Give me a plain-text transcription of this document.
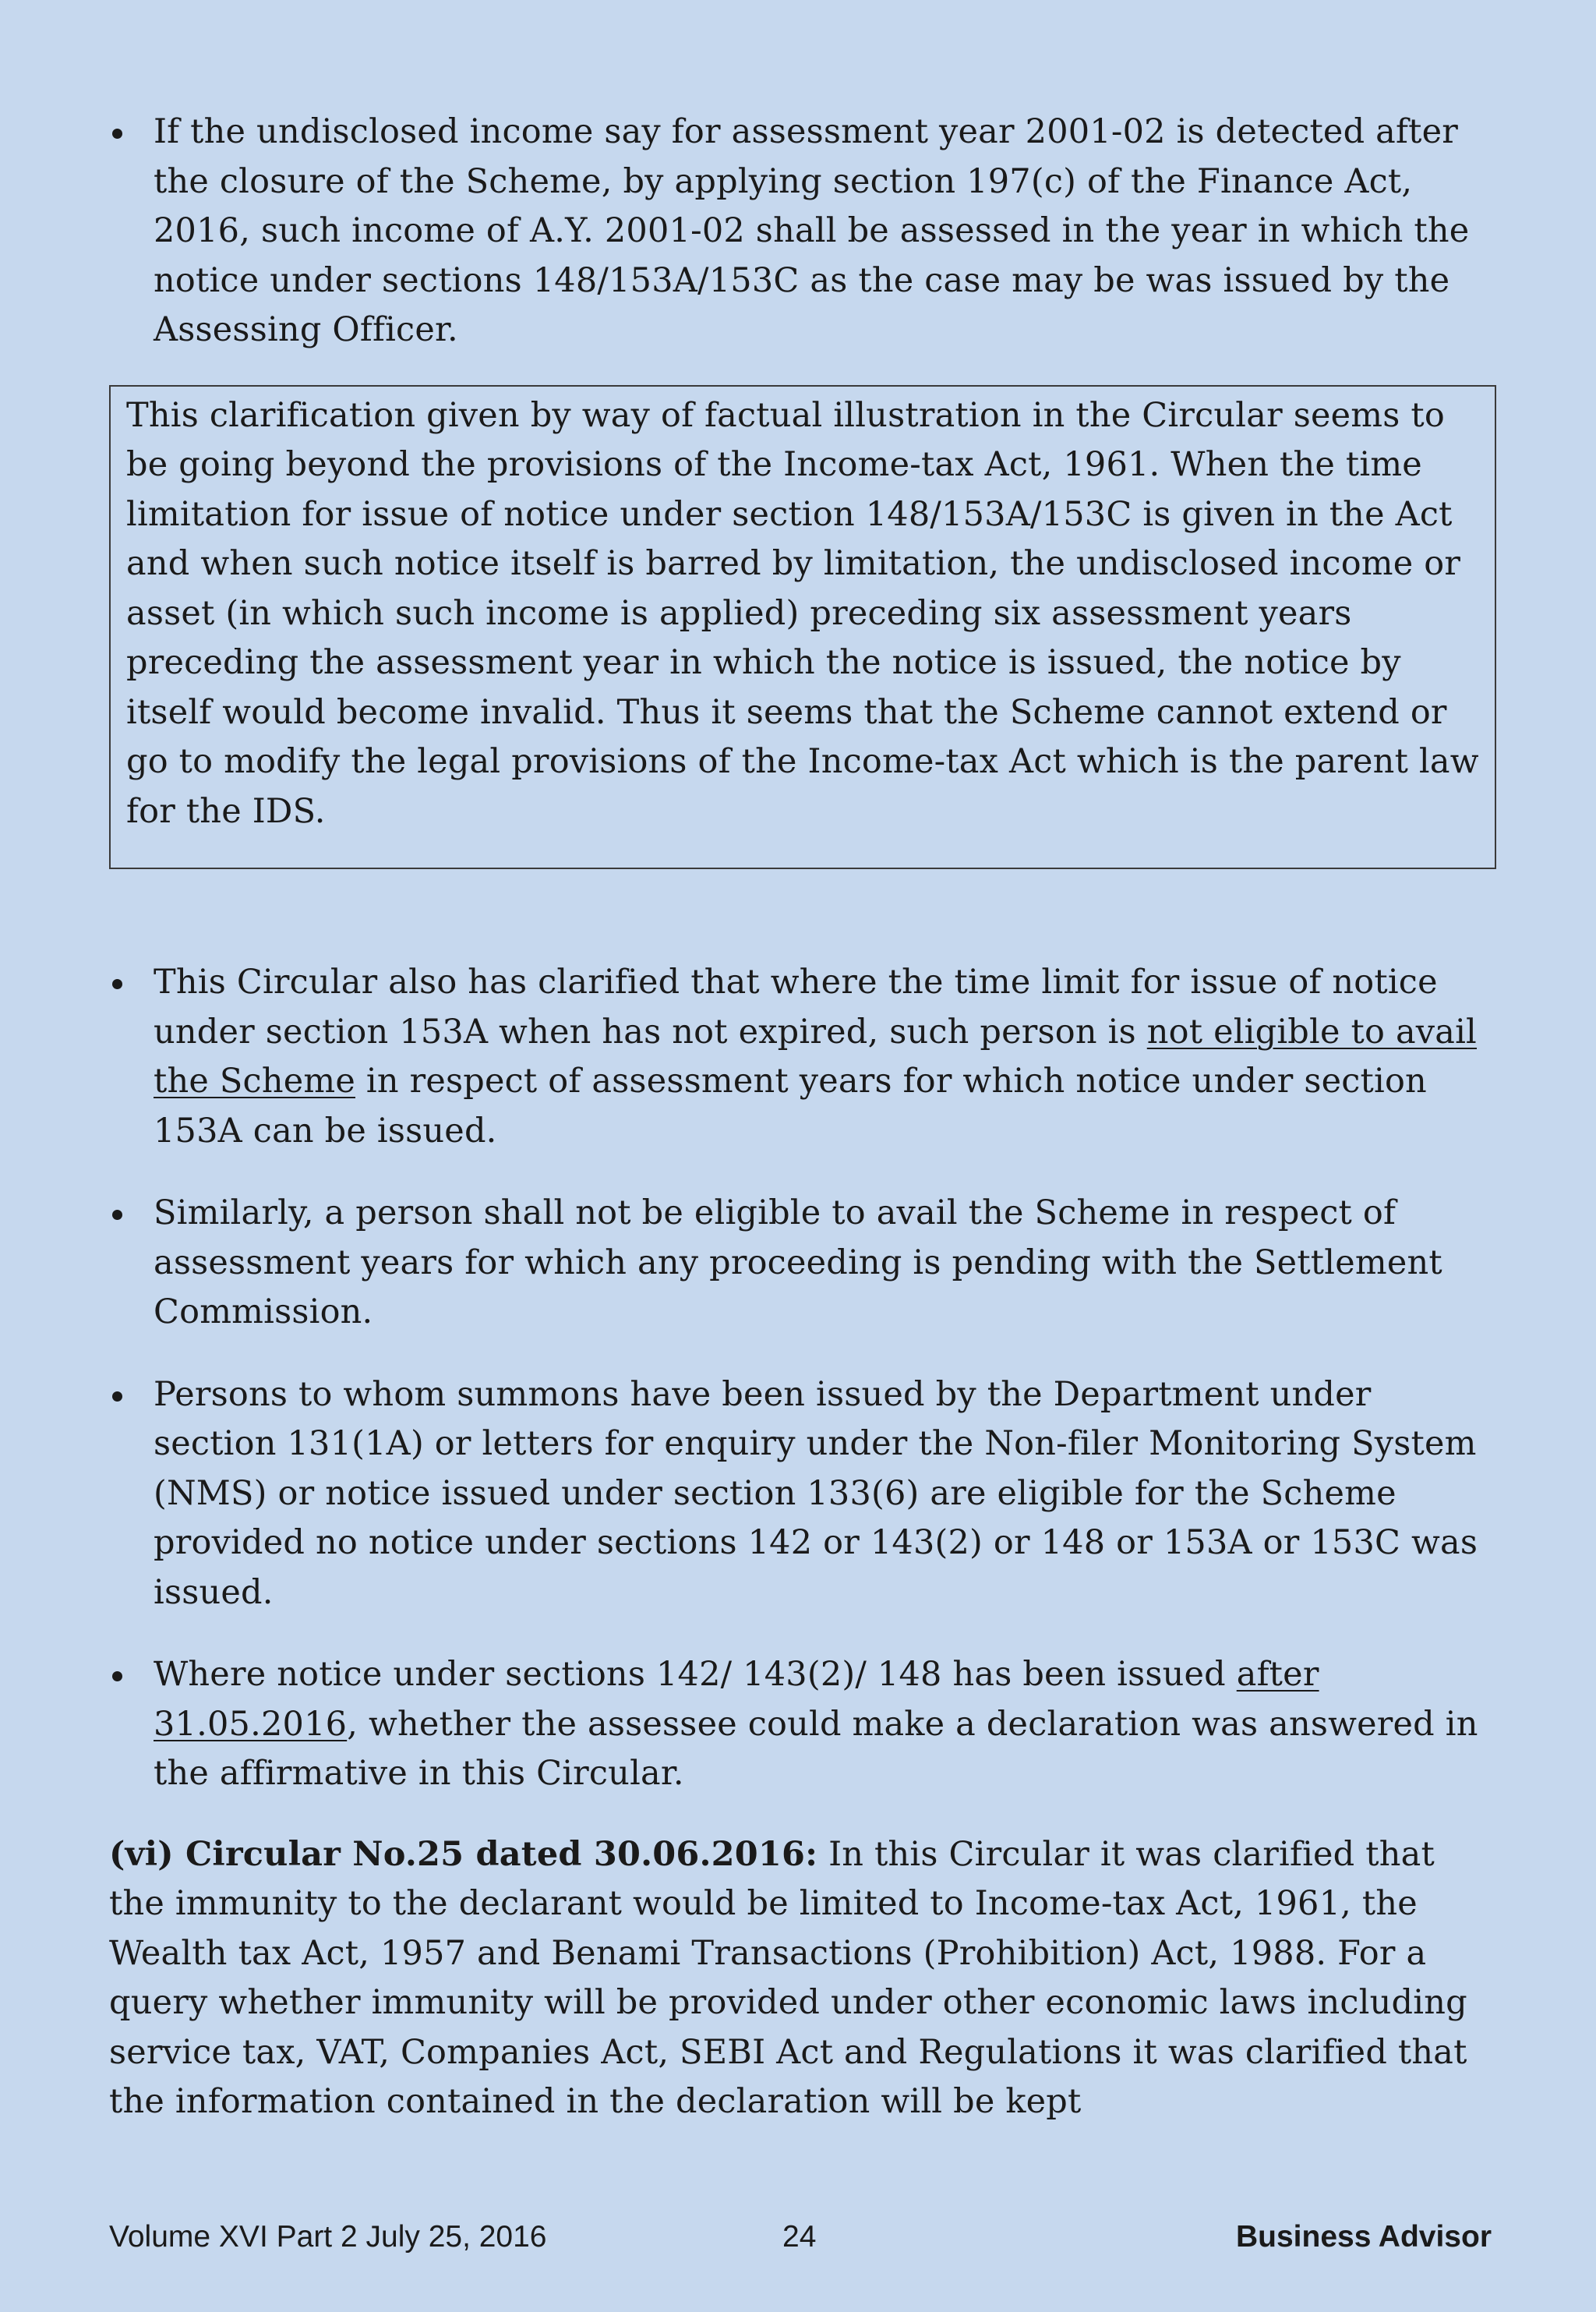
If the undisclosed income say for assessment year 2001-02 is detected after the closure of the Scheme, by applying section 197(c) of the Finance Act, 2016, such income of A.Y. 2001-02 shall be assessed in the year in which the notice under sections 148/153A/153C as the case may be was issued by the Assessing Officer.
This clarification given by way of factual illustration in the Circular seems to be going beyond the provisions of the Income-tax Act, 1961. When the time limitation for issue of notice under section 148/153A/153C is given in the Act and when such notice itself is barred by limitation, the undisclosed income or asset (in which such income is applied) preceding six assessment years preceding the assessment year in which the notice is issued, the notice by itself would become invalid. Thus it seems that the Scheme cannot extend or go to modify the legal provisions of the Income-tax Act which is the parent law for the IDS.
This Circular also has clarified that where the time limit for issue of notice under section 153A when has not expired, such person is not eligible to avail the Scheme in respect of assessment years for which notice under section 153A can be issued.
Similarly, a person shall not be eligible to avail the Scheme in respect of assessment years for which any proceeding is pending with the Settlement Commission.
Persons to whom summons have been issued by the Department under section 131(1A) or letters for enquiry under the Non-filer Monitoring System (NMS) or notice issued under section 133(6) are eligible for the Scheme provided no notice under sections 142 or 143(2) or 148 or 153A or 153C was issued.
Where notice under sections 142/ 143(2)/ 148 has been issued after 31.05.2016, whether the assessee could make a declaration was answered in the affirmative in this Circular.
(vi) Circular No.25 dated 30.06.2016: In this Circular it was clarified that the immunity to the declarant would be limited to Income-tax Act, 1961, the Wealth tax Act, 1957 and Benami Transactions (Prohibition) Act, 1988. For a query whether immunity will be provided under other economic laws including service tax, VAT, Companies Act, SEBI Act and Regulations it was clarified that the information contained in the declaration will be kept
Volume XVI Part 2 July 25, 2016	24	Business Advisor
